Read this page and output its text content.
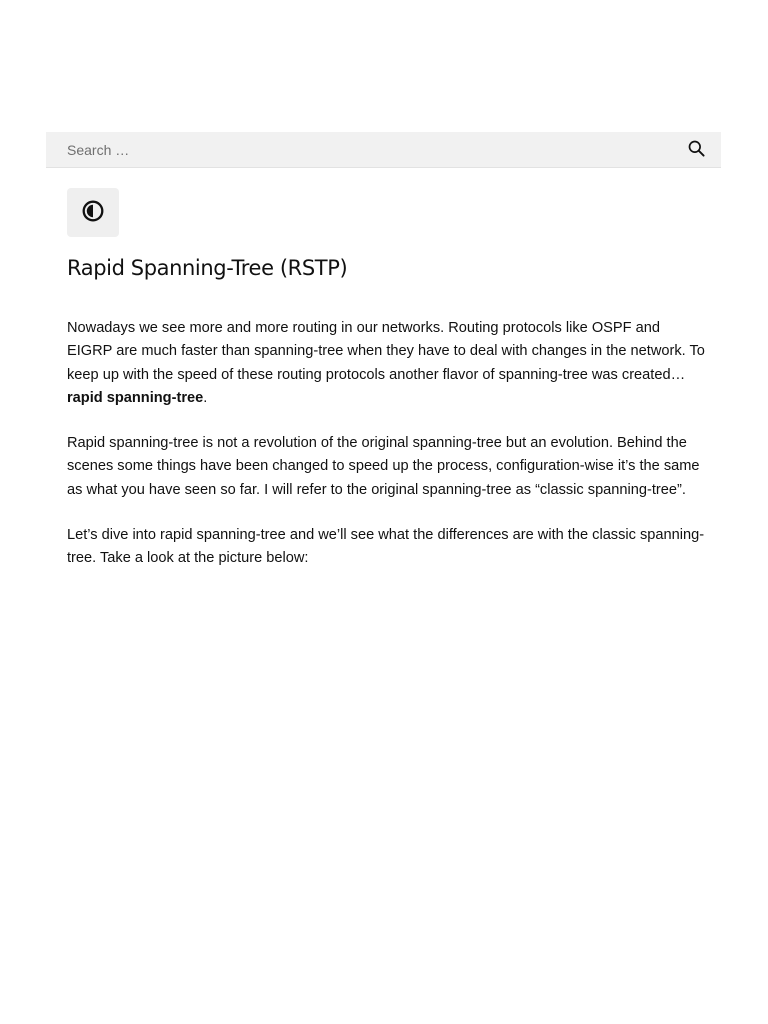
Search …
Rapid Spanning-Tree (RSTP)

Nowadays we see more and more routing in our networks. Routing protocols like OSPF and EIGRP are much faster than spanning-tree when they have to deal with changes in the network. To keep up with the speed of these routing protocols another flavor of spanning-tree was created…rapid spanning-tree.

Rapid spanning-tree is not a revolution of the original spanning-tree but an evolution. Behind the scenes some things have been changed to speed up the process, configuration-wise it’s the same as what you have seen so far. I will refer to the original spanning-tree as “classic spanning-tree”.

Let’s dive into rapid spanning-tree and we’ll see what the differences are with the classic spanning-tree. Take a look at the picture below:
